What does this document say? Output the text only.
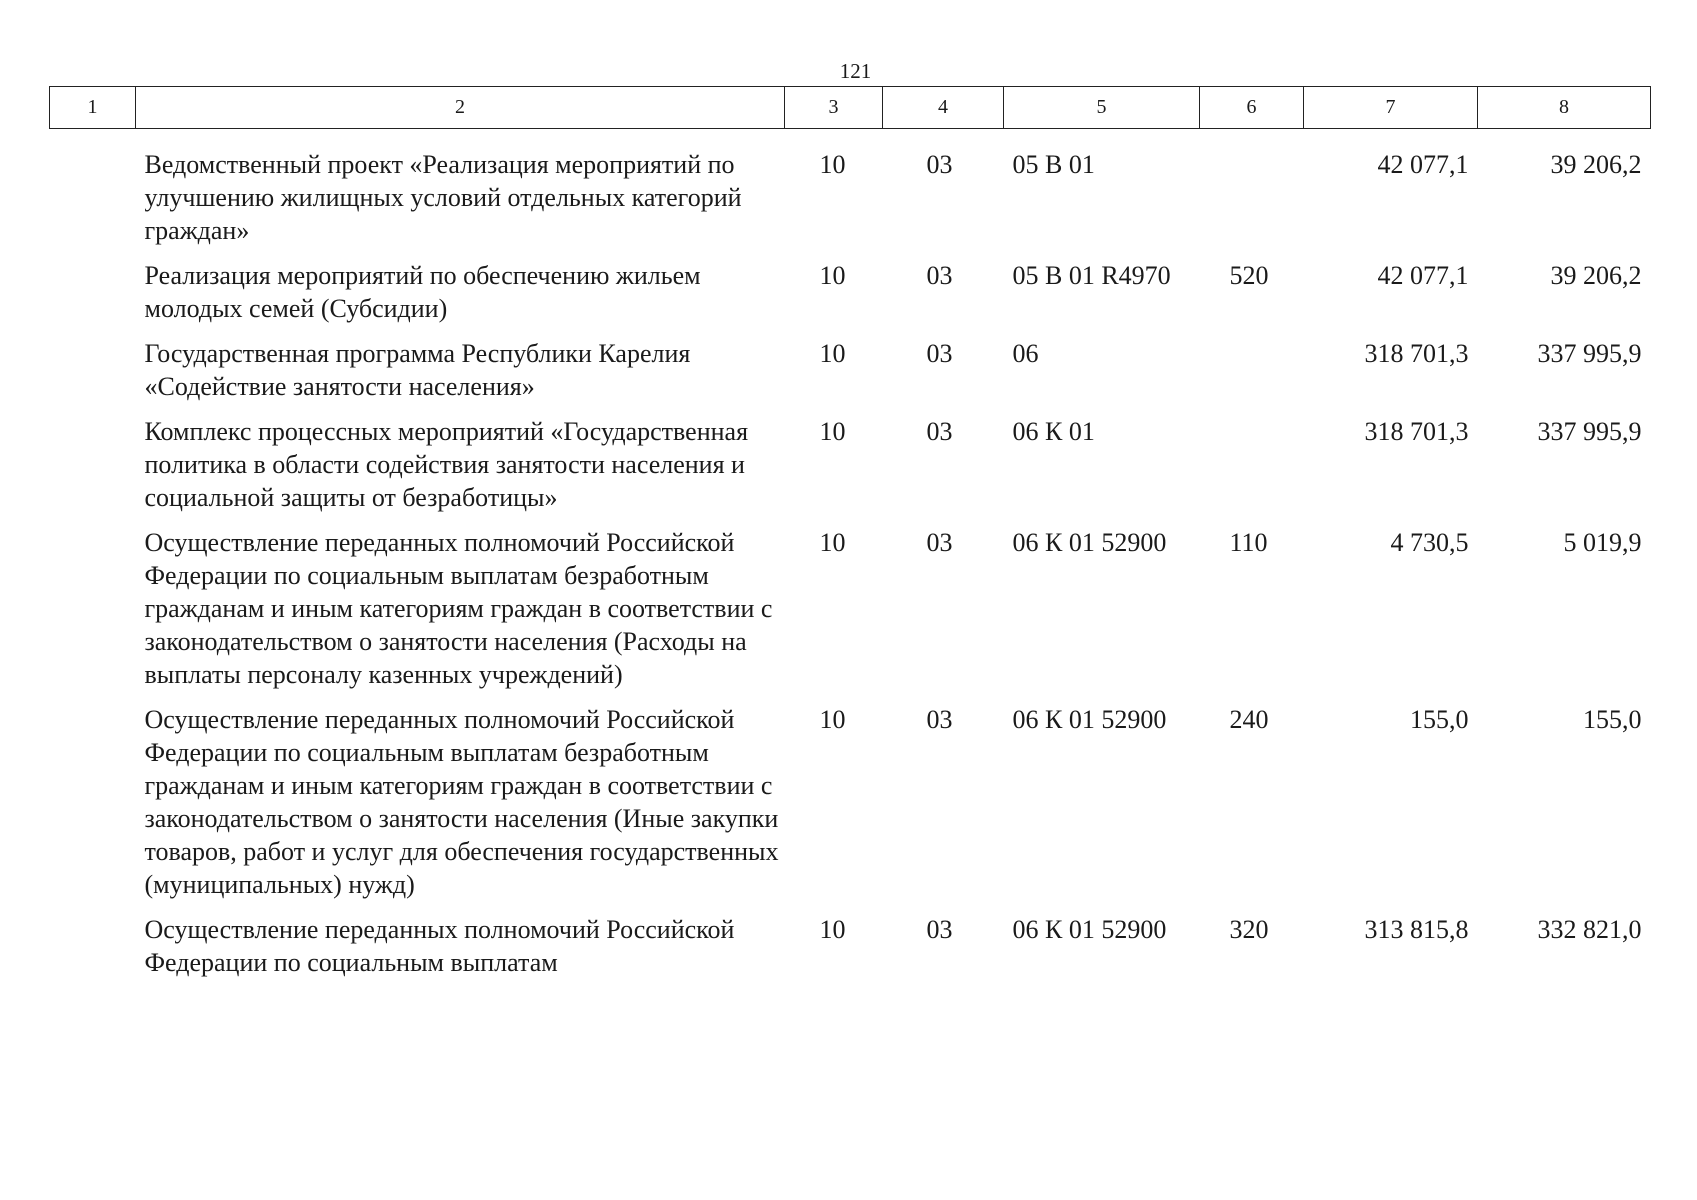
121
1	2	3	4	5	6	7	8
	Ведомственный проект «Реализация мероприятий по улучшению жилищных условий отдельных категорий граждан»	10	03	05 В 01		42 077,1	39 206,2
	Реализация мероприятий по обеспечению жильем молодых семей (Субсидии)	10	03	05 В 01 R4970	520	42 077,1	39 206,2
	Государственная программа Республики Карелия «Содействие занятости населения»	10	03	06		318 701,3	337 995,9
	Комплекс процессных мероприятий «Государственная политика в области содействия занятости населения и социальной защиты от безработицы»	10	03	06 К 01		318 701,3	337 995,9
	Осуществление переданных полномочий Российской Федерации по социальным выплатам безработным гражданам и иным категориям граждан в соответствии с законодательством о занятости населения (Расходы на выплаты персоналу казенных учреждений)	10	03	06 К 01 52900	110	4 730,5	5 019,9
	Осуществление переданных полномочий Российской Федерации по социальным выплатам безработным гражданам и иным категориям граждан в соответствии с законодательством о занятости населения (Иные закупки товаров, работ и услуг для обеспечения государственных (муниципальных) нужд)	10	03	06 К 01 52900	240	155,0	155,0
	Осуществление переданных полномочий Российской Федерации по социальным выплатам	10	03	06 К 01 52900	320	313 815,8	332 821,0
